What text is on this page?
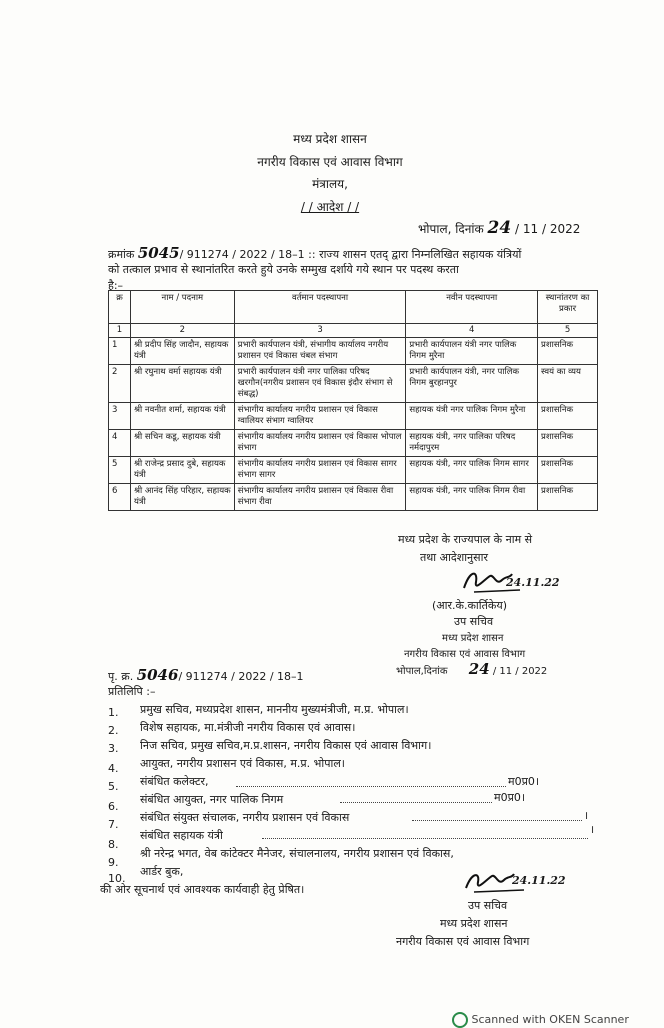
मध्य प्रदेश शासन
नगरीय विकास एवं आवास विभाग
मंत्रालय,
/ / आदेश / /
भोपाल, दिनांक 24 / 11 / 2022
क्रमांक 5045/ 911274 / 2022 / 18–1 :: राज्य शासन एतद् द्वारा निम्नलिखित सहायक यंत्रियों
को तत्काल प्रभाव से स्थानांतरित करते हुये उनके सम्मुख दर्शाये गये स्थान पर पदस्थ करता
है:–
क्र	नाम / पदनाम	वर्तमान पदस्थापना	नवीन पदस्थापना	स्थानांतरण का प्रकार
1	2	3	4	5
1	श्री प्रदीप सिंह जादौन, सहायक यंत्री	प्रभारी कार्यपालन यंत्री, संभागीय कार्यालय नगरीय प्रशासन एवं विकास चंबल संभाग	प्रभारी कार्यपालन यंत्री नगर पालिक निगम मुरैना	प्रशासनिक
2	श्री रघुनाथ वर्मा सहायक यंत्री	प्रभारी कार्यपालन यंत्री नगर पालिका परिषद खरगौन(नगरीय प्रशासन एवं विकास इंदौर संभाग से संबद्ध)	प्रभारी कार्यपालन यंत्री, नगर पालिक निगम बुरहानपुर	स्वयं का व्यय
3	श्री नवनीत शर्मा, सहायक यंत्री	संभागीय कार्यालय नगरीय प्रशासन एवं विकास ग्वालियर संभाग ग्वालियर	सहायक यंत्री नगर पालिक निगम मुरैना	प्रशासनिक
4	श्री सचिन कडू, सहायक यंत्री	संभागीय कार्यालय नगरीय प्रशासन एवं विकास भोपाल संभाग	सहायक यंत्री, नगर पालिका परिषद नर्मदापुरम	प्रशासनिक
5	श्री राजेन्द्र प्रसाद दुबे, सहायक यंत्री	संभागीय कार्यालय नगरीय प्रशासन एवं विकास सागर संभाग सागर	सहायक यंत्री, नगर पालिक निगम सागर	प्रशासनिक
6	श्री आनंद सिंह परिहार, सहायक यंत्री	संभागीय कार्यालय नगरीय प्रशासन एवं विकास रीवा संभाग रीवा	सहायक यंत्री, नगर पालिक निगम रीवा	प्रशासनिक
मध्य प्रदेश के राज्यपाल के नाम से
तथा आदेशानुसार
24.11.22
(आर.के.कार्तिकेय)
उप सचिव
मध्य प्रदेश शासन
नगरीय विकास एवं आवास विभाग
भोपाल,दिनांक 24 / 11 / 2022
पृ. क्र. 5046/ 911274 / 2022 / 18–1
प्रतिलिपि :–
1.	प्रमुख सचिव, मध्यप्रदेश शासन, माननीय मुख्यमंत्रीजी, म.प्र. भोपाल।
2.	विशेष सहायक, मा.मंत्रीजी नगरीय विकास एवं आवास।
3.	निज सचिव, प्रमुख सचिव,म.प्र.शासन, नगरीय विकास एवं आवास विभाग।
4.	आयुक्त, नगरीय प्रशासन एवं विकास, म.प्र. भोपाल।
5.	संबंधित कलेक्टर,	म0प्र0।
6.
संबंधित आयुक्त, नगर पालिक निगम	म0प्र0।
7.
संबंधित संयुक्त संचालक, नगरीय प्रशासन एवं विकास	।
8.
संबंधित सहायक यंत्री	।
9.
श्री नरेन्द्र भगत, वेब कांटेक्टर मैनेजर, संचालनालय, नगरीय प्रशासन एवं विकास,
10.
आर्डर बुक,
की ओर सूचनार्थ एवं आवश्यक कार्यवाही हेतु प्रेषित।
24.11.22
उप सचिव
मध्य प्रदेश शासन
नगरीय विकास एवं आवास विभाग
Scanned with OKEN Scanner
